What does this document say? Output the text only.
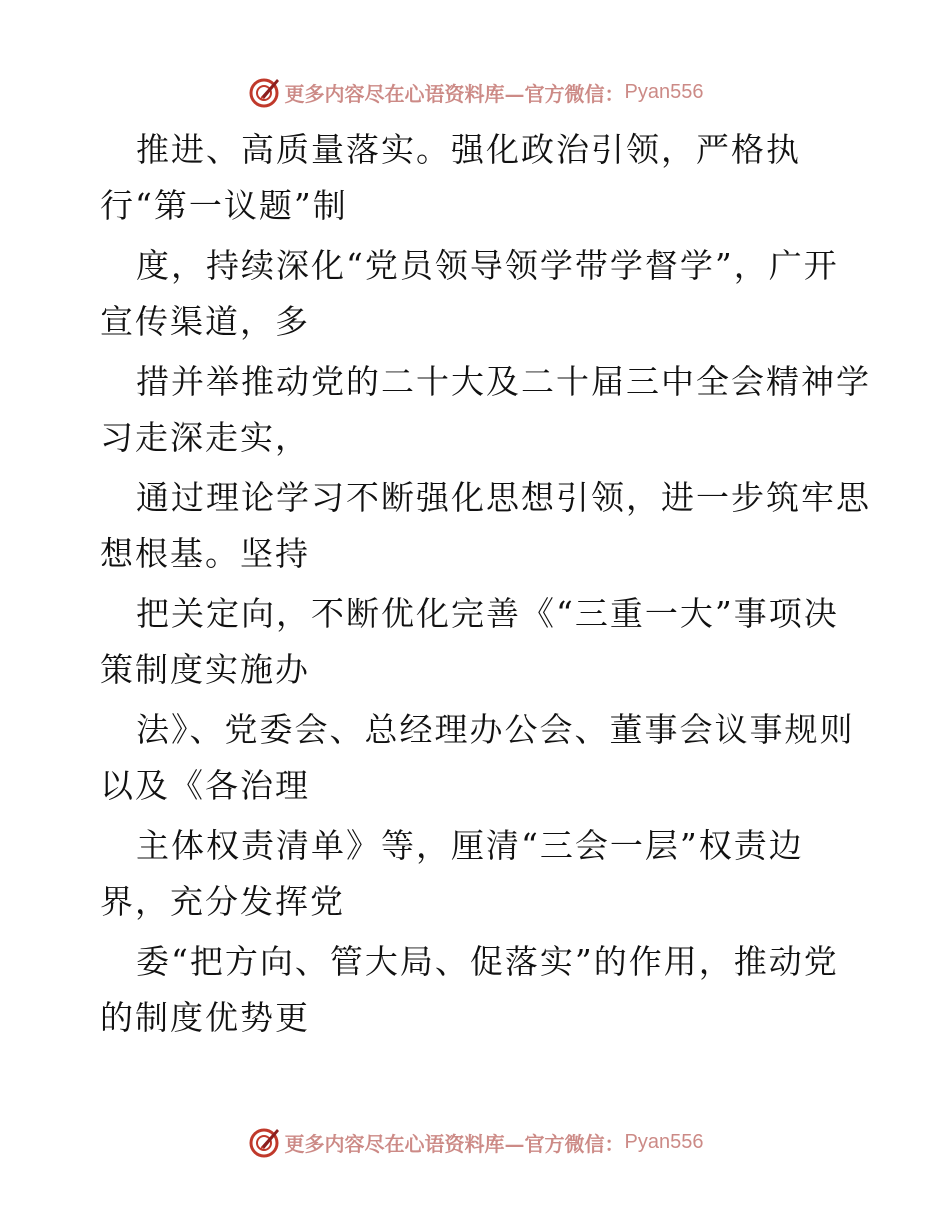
更多内容尽在心语资料库—官方微信： Pyan556
推进、高质量落实。强化政治引领，严格执
行“第一议题”制
度，持续深化“党员领导领学带学督学”，广开
宣传渠道，多
措并举推动党的二十大及二十届三中全会精神学
习走深走实，
通过理论学习不断强化思想引领，进一步筑牢思
想根基。坚持
把关定向，不断优化完善《“三重一大”事项决
策制度实施办
法》、党委会、总经理办公会、董事会议事规则
以及《各治理
主体权责清单》等，厘清“三会一层”权责边
界，充分发挥党
委“把方向、管大局、促落实”的作用，推动党
的制度优势更
更多内容尽在心语资料库—官方微信： Pyan556
